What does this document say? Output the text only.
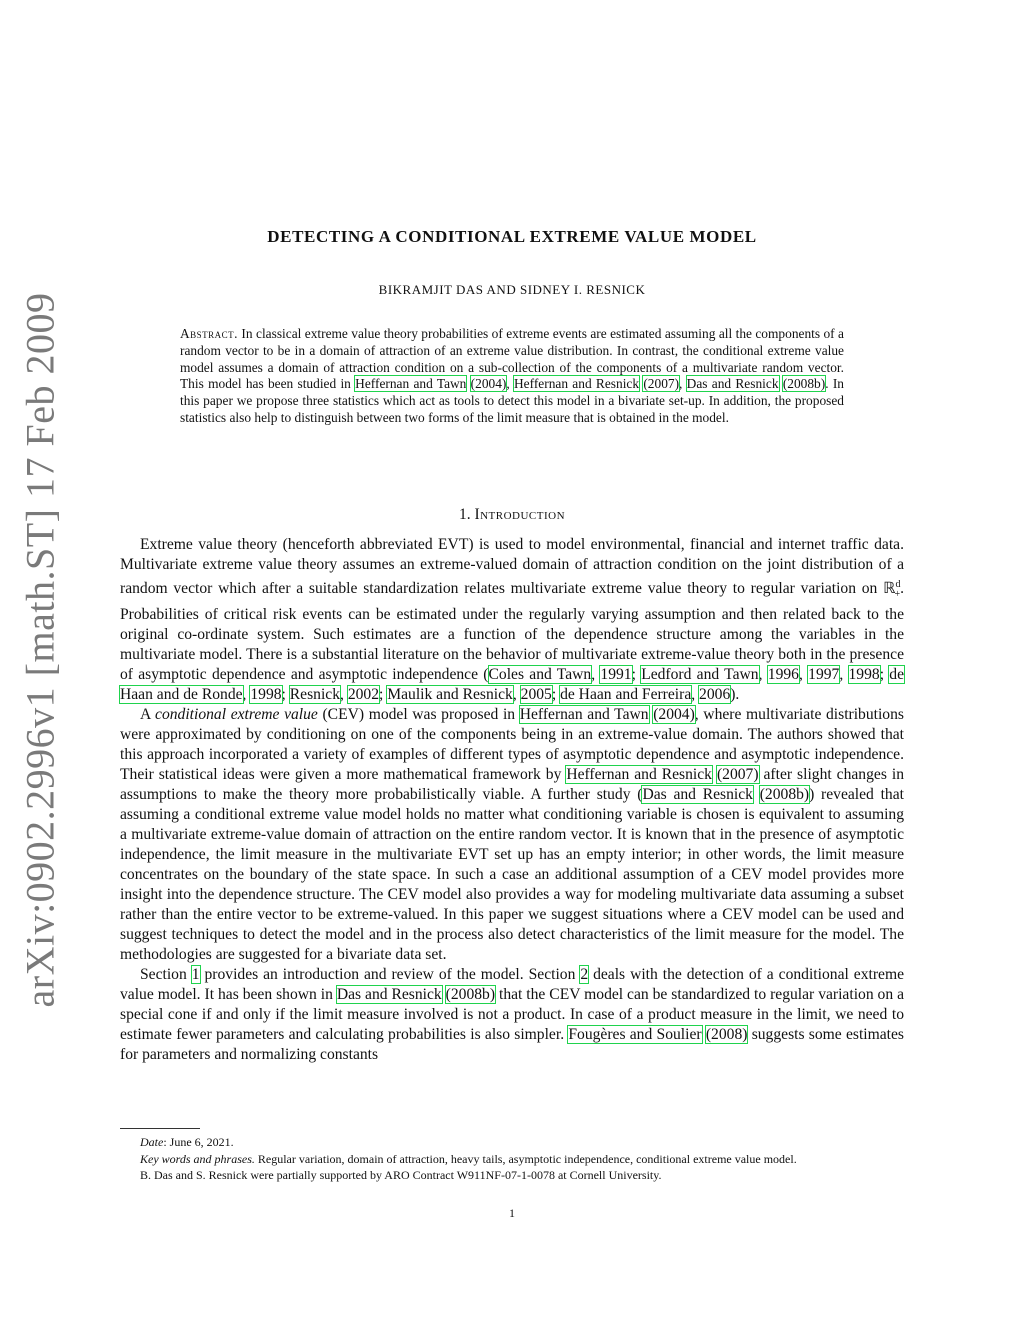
arXiv:0902.2996v1 [math.ST] 17 Feb 2009
DETECTING A CONDITIONAL EXTREME VALUE MODEL
BIKRAMJIT DAS AND SIDNEY I. RESNICK
Abstract. In classical extreme value theory probabilities of extreme events are estimated assuming all the components of a random vector to be in a domain of attraction of an extreme value distribution. In contrast, the conditional extreme value model assumes a domain of attraction condition on a sub-collection of the components of a multivariate random vector. This model has been studied in Heffernan and Tawn (2004), Heffernan and Resnick (2007), Das and Resnick (2008b). In this paper we propose three statistics which act as tools to detect this model in a bivariate set-up. In addition, the proposed statistics also help to distinguish between two forms of the limit measure that is obtained in the model.
1. Introduction

Extreme value theory (henceforth abbreviated EVT) is used to model environmental, financial and internet traffic data. Multivariate extreme value theory assumes an extreme-valued domain of attraction condition on the joint distribution of a random vector which after a suitable standardization relates multivariate extreme value theory to regular variation on ℝ$^d_+$. Probabilities of critical risk events can be estimated under the regularly varying assumption and then related back to the original co-ordinate system. Such estimates are a function of the dependence structure among the variables in the multivariate model. There is a substantial literature on the behavior of multivariate extreme-value theory both in the presence of asymptotic dependence and asymptotic independence (Coles and Tawn, 1991; Ledford and Tawn, 1996, 1997, 1998; de Haan and de Ronde, 1998; Resnick, 2002; Maulik and Resnick, 2005; de Haan and Ferreira, 2006).

A conditional extreme value (CEV) model was proposed in Heffernan and Tawn (2004), where multivariate distributions were approximated by conditioning on one of the components being in an extreme-value domain. The authors showed that this approach incorporated a variety of examples of different types of asymptotic dependence and asymptotic independence. Their statistical ideas were given a more mathematical framework by Heffernan and Resnick (2007) after slight changes in assumptions to make the theory more probabilistically viable. A further study (Das and Resnick (2008b)) revealed that assuming a conditional extreme value model holds no matter what conditioning variable is chosen is equivalent to assuming a multivariate extreme-value domain of attraction on the entire random vector. It is known that in the presence of asymptotic independence, the limit measure in the multivariate EVT set up has an empty interior; in other words, the limit measure concentrates on the boundary of the state space. In such a case an additional assumption of a CEV model provides more insight into the dependence structure. The CEV model also provides a way for modeling multivariate data assuming a subset rather than the entire vector to be extreme-valued. In this paper we suggest situations where a CEV model can be used and suggest techniques to detect the model and in the process also detect characteristics of the limit measure for the model. The methodologies are suggested for a bivariate data set.

Section 1 provides an introduction and review of the model. Section 2 deals with the detection of a conditional extreme value model. It has been shown in Das and Resnick (2008b) that the CEV model can be standardized to regular variation on a special cone if and only if the limit measure involved is not a product. In case of a product measure in the limit, we need to estimate fewer parameters and calculating probabilities is also simpler. Fougères and Soulier (2008) suggests some estimates for parameters and normalizing constants

Date: June 6, 2021.

Key words and phrases. Regular variation, domain of attraction, heavy tails, asymptotic independence, conditional extreme value model.

B. Das and S. Resnick were partially supported by ARO Contract W911NF-07-1-0078 at Cornell University.

1
